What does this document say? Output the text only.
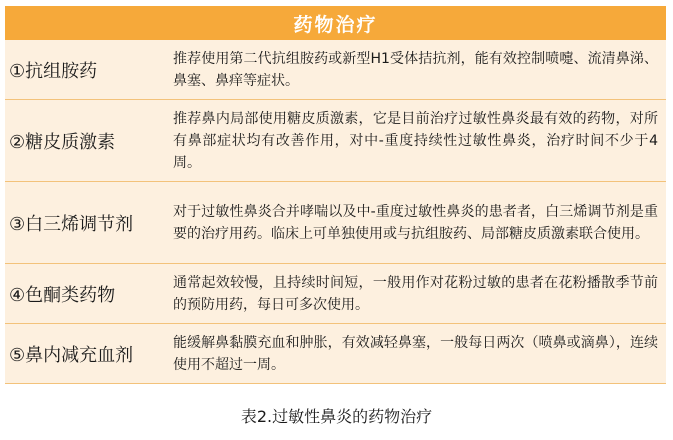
药物治疗
①抗组胺药
推荐使用第二代抗组胺药或新型H1受体拮抗剂，能有效控制喷嚏、流清鼻涕、鼻塞、鼻痒等症状。
②糖皮质激素
推荐鼻内局部使用糖皮质激素，它是目前治疗过敏性鼻炎最有效的药物，对所有鼻部症状均有改善作用，对中-重度持续性过敏性鼻炎，治疗时间不少于4周。
③白三烯调节剂
对于过敏性鼻炎合并哮喘以及中-重度过敏性鼻炎的患者者，白三烯调节剂是重要的治疗用药。临床上可单独使用或与抗组胺药、局部糖皮质激素联合使用。
④色酮类药物
通常起效较慢，且持续时间短，一般用作对花粉过敏的患者在花粉播散季节前的预防用药，每日可多次使用。
⑤鼻内减充血剂
能缓解鼻黏膜充血和肿胀，有效减轻鼻塞，一般每日两次（喷鼻或滴鼻），连续使用不超过一周。
表2.过敏性鼻炎的药物治疗
